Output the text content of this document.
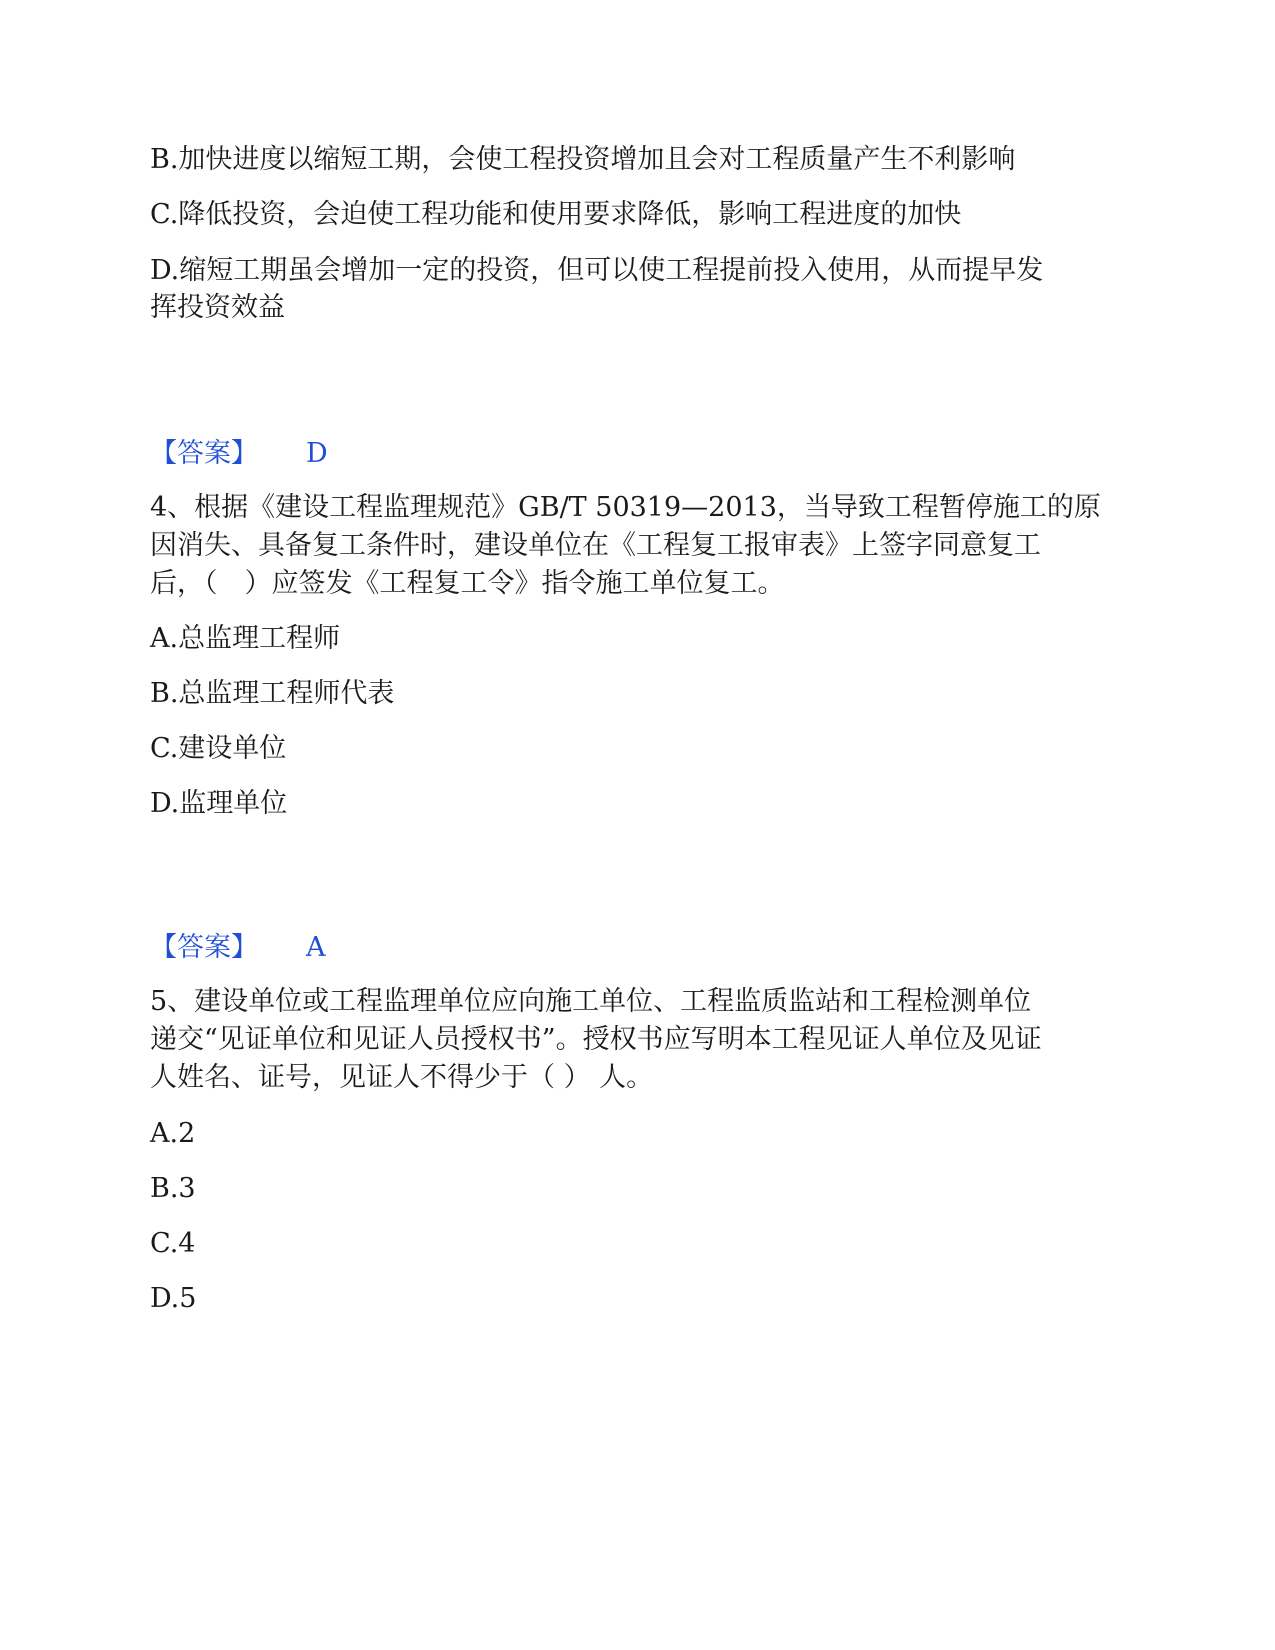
B.加快进度以缩短工期，会使工程投资增加且会对工程质量产生不利影响
C.降低投资，会迫使工程功能和使用要求降低，影响工程进度的加快
D.缩短工期虽会增加一定的投资，但可以使工程提前投入使用，从而提早发
挥投资效益
【答案】 D
4、根据《建设工程监理规范》GB/T 50319—2013，当导致工程暂停施工的原
因消失、具备复工条件时，建设单位在《工程复工报审表》上签字同意复工
后，（　）应签发《工程复工令》指令施工单位复工。
A.总监理工程师
B.总监理工程师代表
C.建设单位
D.监理单位
【答案】 A
5、建设单位或工程监理单位应向施工单位、工程监质监站和工程检测单位
递交“见证单位和见证人员授权书”。授权书应写明本工程见证人单位及见证
人姓名、证号，见证人不得少于（ ） 人。
A.2
B.3
C.4
D.5
